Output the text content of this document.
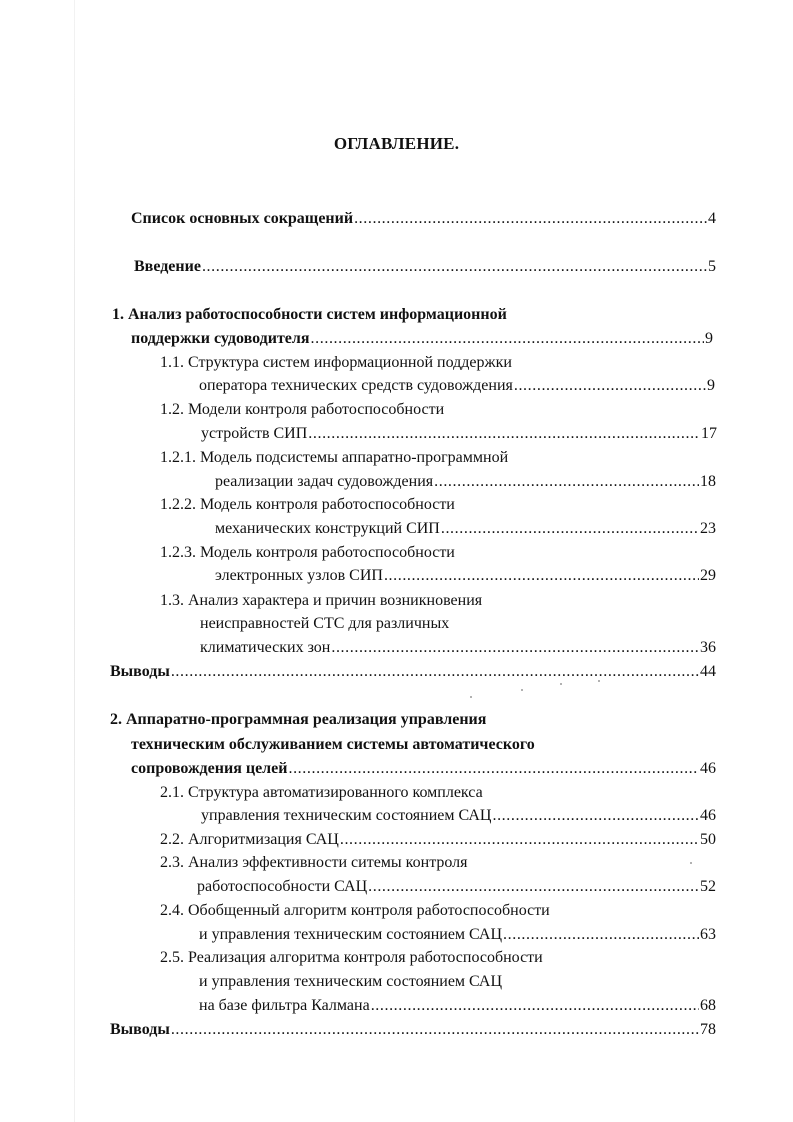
ОГЛАВЛЕНИЕ.
Список основных сокращений .....	4
Введение .....	5
1. Анализ работоспособности систем информационной
поддержки судоводителя .....	9
1.1. Структура систем информационной поддержки
оператора технических средств судовождения .....	9
1.2. Модели контроля работоспособности
устройств СИП .....	17
1.2.1. Модель подсистемы аппаратно-программной
реализации задач судовождения .....	18
1.2.2. Модель контроля работоспособности
механических конструкций СИП .....	23
1.2.3. Модель контроля работоспособности
электронных узлов СИП .....	29
1.3. Анализ характера и причин возникновения
неисправностей СТС для различных
климатических зон .....	36
Выводы .....	44
2. Аппаратно-программная реализация управления
техническим обслуживанием системы автоматического
сопровождения целей .....	46
2.1. Структура автоматизированного комплекса
управления техническим состоянием САЦ .....	46
2.2. Алгоритмизация САЦ .....	50
2.3. Анализ эффективности ситемы контроля
работоспособности САЦ .....	52
2.4. Обобщенный алгоритм контроля работоспособности
и управления техническим состоянием САЦ .....	63
2.5. Реализация алгоритма контроля работоспособности
и управления техническим состоянием САЦ
на базе фильтра Калмана .....	68
Выводы .....	78
